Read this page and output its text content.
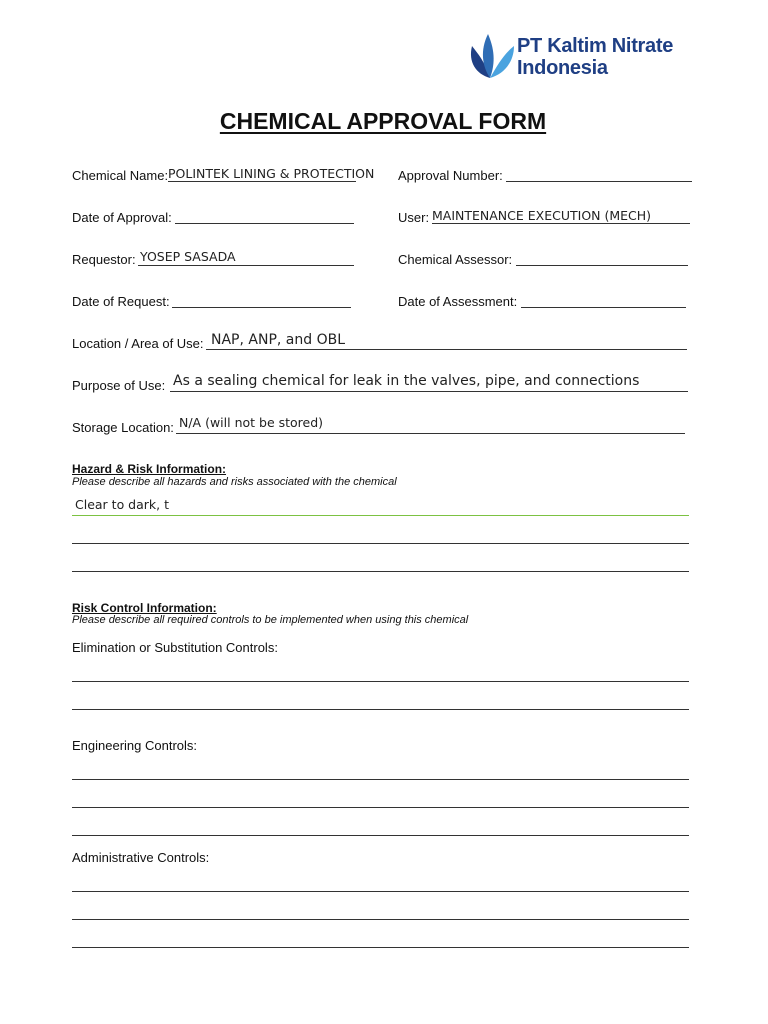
PT Kaltim Nitrate
Indonesia
CHEMICAL APPROVAL FORM
Chemical Name: POLINTEK LINING & PROTECTION Approval Number:
Date of Approval:	User: MAINTENANCE EXECUTION (MECH)
Requestor: YOSEP SASADA	Chemical Assessor:
Date of Request:	Date of Assessment:
Location / Area of Use: NAP, ANP, and OBL
Purpose of Use: As a sealing chemical for leak in the valves, pipe, and connections
Storage Location: N/A (will not be stored)
Hazard & Risk Information:
Please describe all hazards and risks associated with the chemical
Clear to dark, t
Risk Control Information:
Please describe all required controls to be implemented when using this chemical
Elimination or Substitution Controls:
Engineering Controls:
Administrative Controls:
